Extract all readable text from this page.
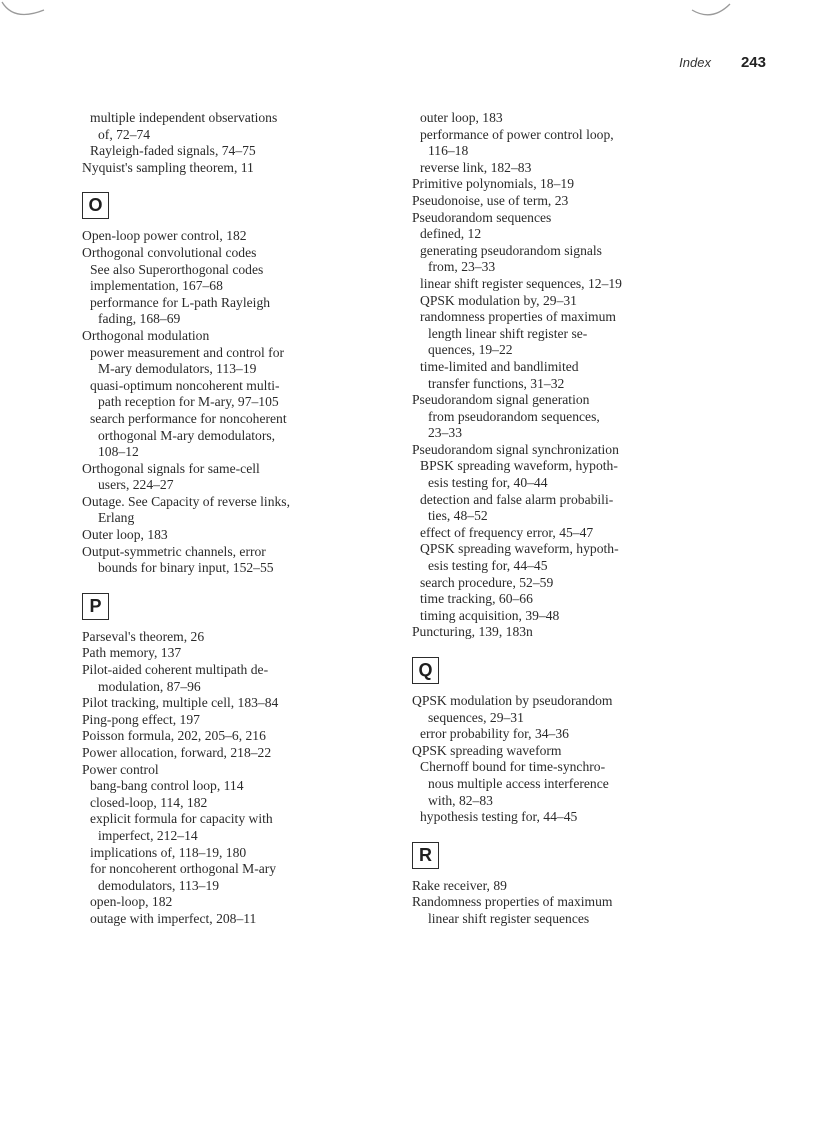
Index 243
multiple independent observations
of, 72–74
Rayleigh-faded signals, 74–75
Nyquist's sampling theorem, 11
O
Open-loop power control, 182
Orthogonal convolutional codes
See also Superorthogonal codes
implementation, 167–68
performance for L-path Rayleigh
fading, 168–69
Orthogonal modulation
power measurement and control for
M-ary demodulators, 113–19
quasi-optimum noncoherent multi-
path reception for M-ary, 97–105
search performance for noncoherent
orthogonal M-ary demodulators,
108–12
Orthogonal signals for same-cell
users, 224–27
Outage. See Capacity of reverse links,
Erlang
Outer loop, 183
Output-symmetric channels, error
bounds for binary input, 152–55
P
Parseval's theorem, 26
Path memory, 137
Pilot-aided coherent multipath de-
modulation, 87–96
Pilot tracking, multiple cell, 183–84
Ping-pong effect, 197
Poisson formula, 202, 205–6, 216
Power allocation, forward, 218–22
Power control
bang-bang control loop, 114
closed-loop, 114, 182
explicit formula for capacity with
imperfect, 212–14
implications of, 118–19, 180
for noncoherent orthogonal M-ary
demodulators, 113–19
open-loop, 182
outage with imperfect, 208–11
outer loop, 183
performance of power control loop,
116–18
reverse link, 182–83
Primitive polynomials, 18–19
Pseudonoise, use of term, 23
Pseudorandom sequences
defined, 12
generating pseudorandom signals
from, 23–33
linear shift register sequences, 12–19
QPSK modulation by, 29–31
randomness properties of maximum
length linear shift register se-
quences, 19–22
time-limited and bandlimited
transfer functions, 31–32
Pseudorandom signal generation
from pseudorandom sequences,
23–33
Pseudorandom signal synchronization
BPSK spreading waveform, hypoth-
esis testing for, 40–44
detection and false alarm probabili-
ties, 48–52
effect of frequency error, 45–47
QPSK spreading waveform, hypoth-
esis testing for, 44–45
search procedure, 52–59
time tracking, 60–66
timing acquisition, 39–48
Puncturing, 139, 183n
Q
QPSK modulation by pseudorandom
sequences, 29–31
error probability for, 34–36
QPSK spreading waveform
Chernoff bound for time-synchro-
nous multiple access interference
with, 82–83
hypothesis testing for, 44–45
R
Rake receiver, 89
Randomness properties of maximum
linear shift register sequences
